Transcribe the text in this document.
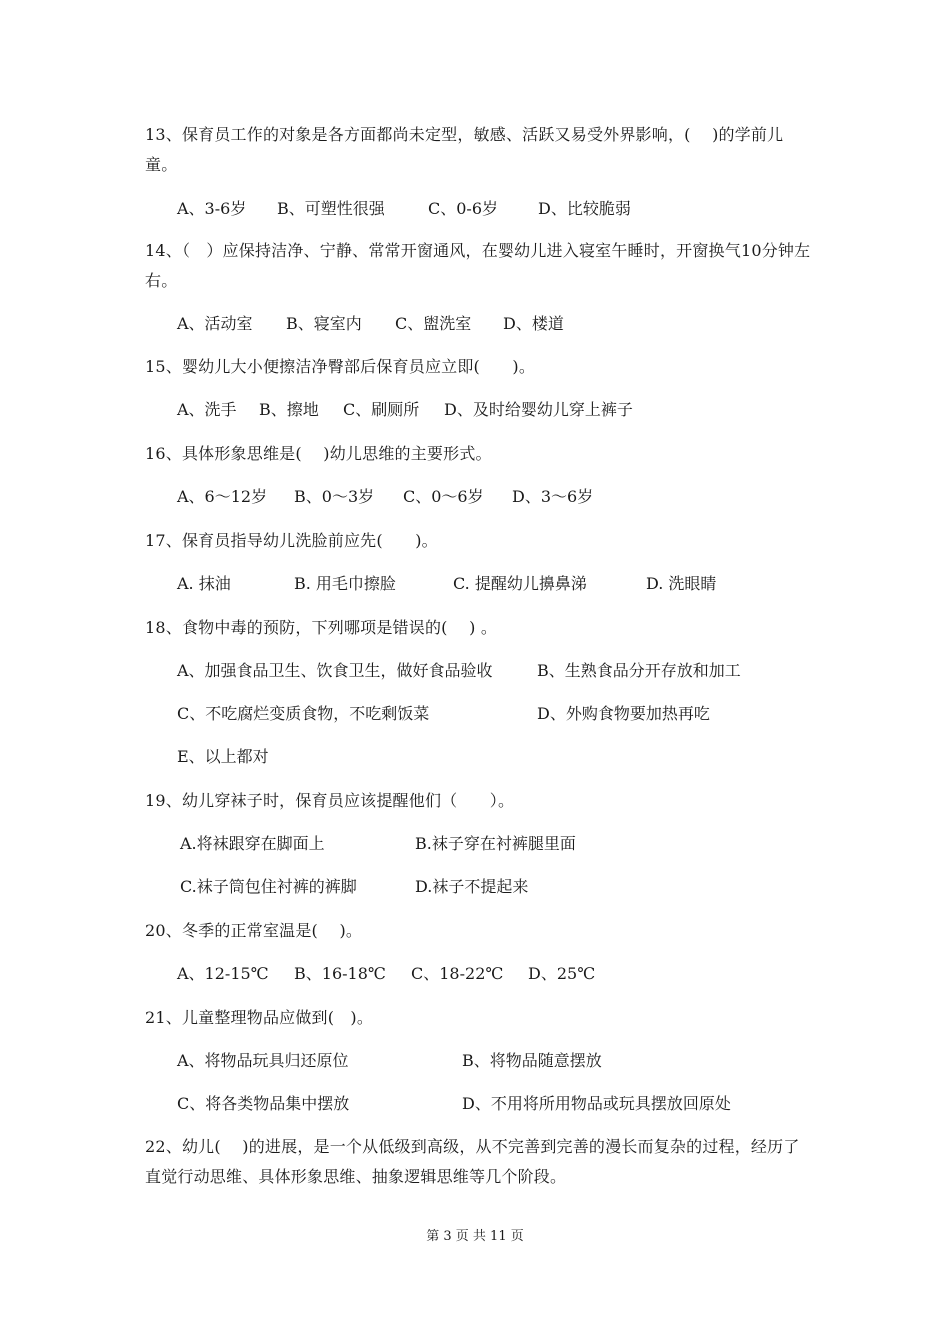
13、保育员工作的对象是各方面都尚未定型，敏感、活跃又易受外界影响，(　 )的学前儿童。

A、3-6岁 B、可塑性很强	C、0-6岁 D、比较脆弱

14、（　）应保持洁净、宁静、常常开窗通风，在婴幼儿进入寝室午睡时，开窗换气10分钟左右。

A、活动室 B、寝室内 C、盥洗室 D、楼道

15、婴幼儿大小便擦洁净臀部后保育员应立即(　　)。

A、洗手 B、擦地 C、刷厕所 D、及时给婴幼儿穿上裤子

16、具体形象思维是(　 )幼儿思维的主要形式。

A、6～12岁 B、0～3岁 C、0～6岁 D、3～6岁

17、保育员指导幼儿洗脸前应先(　　)。

A. 抹油	B. 用毛巾擦脸	C. 提醒幼儿擤鼻涕	D. 洗眼睛

18、食物中毒的预防，下列哪项是错误的(　 ) 。

A、加强食品卫生、饮食卫生，做好食品验收	B、生熟食品分开存放和加工
C、不吃腐烂变质食物，不吃剩饭菜	D、外购食物要加热再吃
E、以上都对

19、幼儿穿袜子时，保育员应该提醒他们（　　）。

A.将袜跟穿在脚面上	B.袜子穿在衬裤腿里面
C.袜子筒包住衬裤的裤脚	D.袜子不提起来

20、冬季的正常室温是(　 )。

A、12-15℃ B、16-18℃ C、18-22℃ D、25℃

21、儿童整理物品应做到(　)。

A、将物品玩具归还原位	B、将物品随意摆放
C、将各类物品集中摆放	D、不用将所用物品或玩具摆放回原处

22、幼儿(　 )的进展，是一个从低级到高级，从不完善到完善的漫长而复杂的过程，经历了直觉行动思维、具体形象思维、抽象逻辑思维等几个阶段。

第 3 页 共 11 页
